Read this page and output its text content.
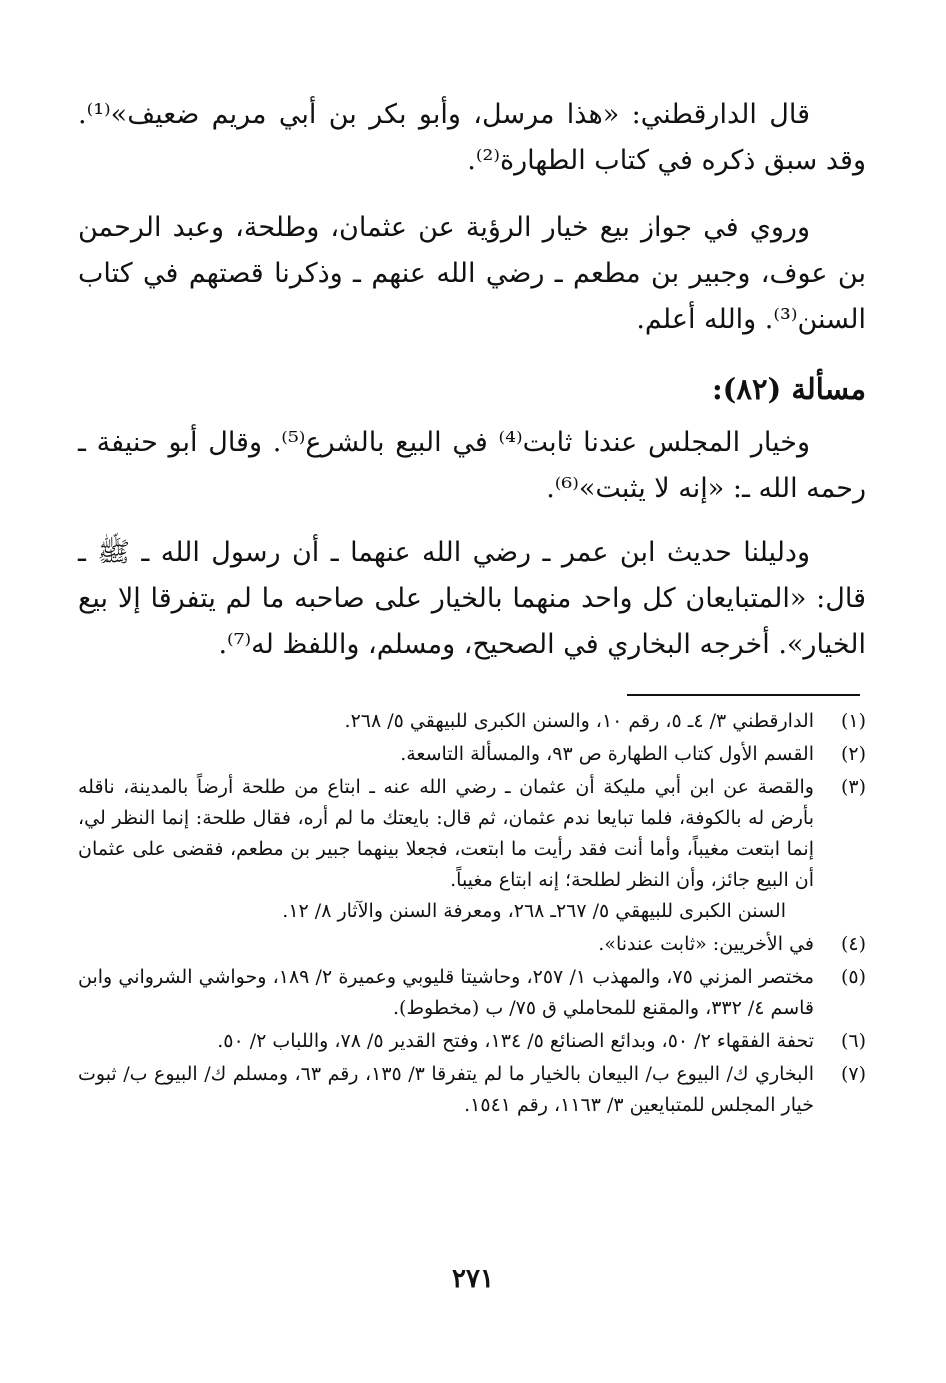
قال الدارقطني: «هذا مرسل، وأبو بكر بن أبي مريم ضعيف»⁽¹⁾. وقد سبق ذكره في كتاب الطهارة⁽²⁾.

وروي في جواز بيع خيار الرؤية عن عثمان، وطلحة، وعبد الرحمن بن عوف، وجبير بن مطعم ـ رضي الله عنهم ـ وذكرنا قصتهم في كتاب السنن⁽³⁾. والله أعلم.

مسألة (٨٢):

وخيار المجلس عندنا ثابت⁽⁴⁾ في البيع بالشرع⁽⁵⁾. وقال أبو حنيفة ـ رحمه الله ـ: «إنه لا يثبت»⁽⁶⁾.

ودليلنا حديث ابن عمر ـ رضي الله عنهما ـ أن رسول الله ـ ﷺ ـ قال: «المتبايعان كل واحد منهما بالخيار على صاحبه ما لم يتفرقا إلا بيع الخيار». أخرجه البخاري في الصحيح، ومسلم، واللفظ له⁽⁷⁾.

(١)
الدارقطني ٣/ ٤ـ ٥، رقم ١٠، والسنن الكبرى للبيهقي ٥/ ٢٦٨.
(٢)
القسم الأول كتاب الطهارة ص ٩٣، والمسألة التاسعة.
(٣)
والقصة عن ابن أبي مليكة أن عثمان ـ رضي الله عنه ـ ابتاع من طلحة أرضاً بالمدينة، ناقله بأرض له بالكوفة، فلما تبايعا ندم عثمان، ثم قال: بايعتك ما لم أره، فقال طلحة: إنما النظر لي، إنما ابتعت مغيباً، وأما أنت فقد رأيت ما ابتعت، فجعلا بينهما جبير بن مطعم، فقضى على عثمان أن البيع جائز، وأن النظر لطلحة؛ إنه ابتاع مغيباً.
السنن الكبرى للبيهقي ٥/ ٢٦٧ـ ٢٦٨، ومعرفة السنن والآثار ٨/ ١٢.
(٤)
في الأخريين: «ثابت عندنا».
(٥)
مختصر المزني ٧٥، والمهذب ١/ ٢٥٧، وحاشيتا قليوبي وعميرة ٢/ ١٨٩، وحواشي الشرواني وابن قاسم ٤/ ٣٣٢، والمقنع للمحاملي ق ٧٥/ ب (مخطوط).
(٦)
تحفة الفقهاء ٢/ ٥٠، وبدائع الصنائع ٥/ ١٣٤، وفتح القدير ٥/ ٧٨، واللباب ٢/ ٥٠.
(٧)
البخاري ك/ البيوع ب/ البيعان بالخيار ما لم يتفرقا ٣/ ١٣٥، رقم ٦٣، ومسلم ك/ البيوع ب/ ثبوت خيار المجلس للمتبايعين ٣/ ١١٦٣، رقم ١٥٤١.
٢٧١
